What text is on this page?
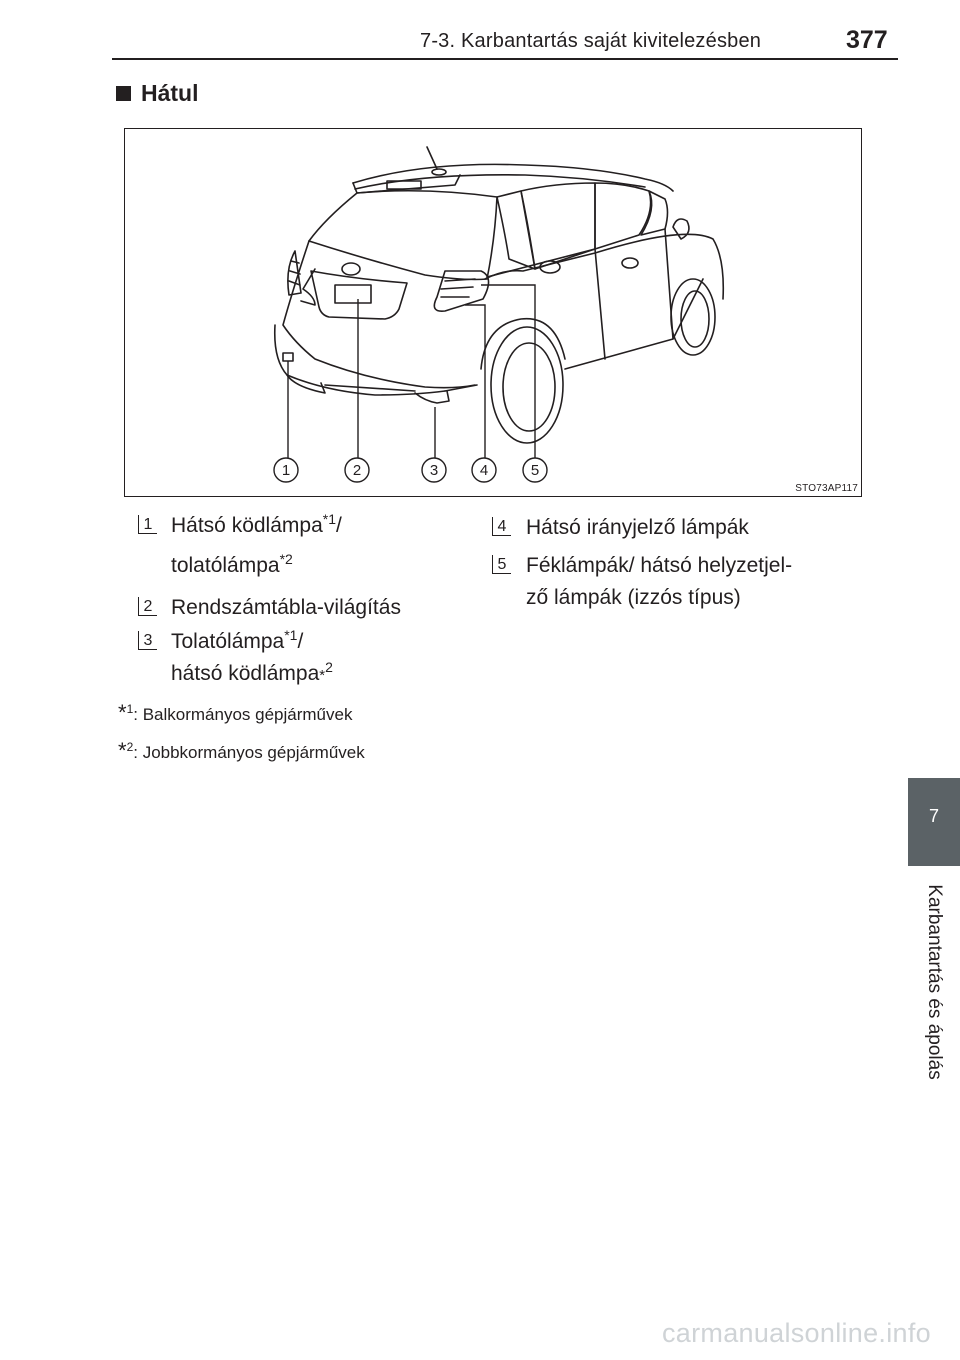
7-3. Karbantartás saját kivitelezésben	377
7
Karbantartás és ápolás
Hátul
1	2	3	4	5
STO73AP117
1 Hátsó ködlámpa$^{*1}$/
tolatólámpa$^{*2}$
2 Rendszámtábla-világítás
3 Tolatólámpa$^{*1}$/
hátsó ködlámpa*$^2$
4 Hátsó irányjelző lámpák
5 Féklámpák/ hátsó helyzetjel-
ző lámpák (izzós típus)
*$^1$: Balkormányos gépjárművek
*$^2$: Jobbkormányos gépjárművek
carmanualsonline.info
